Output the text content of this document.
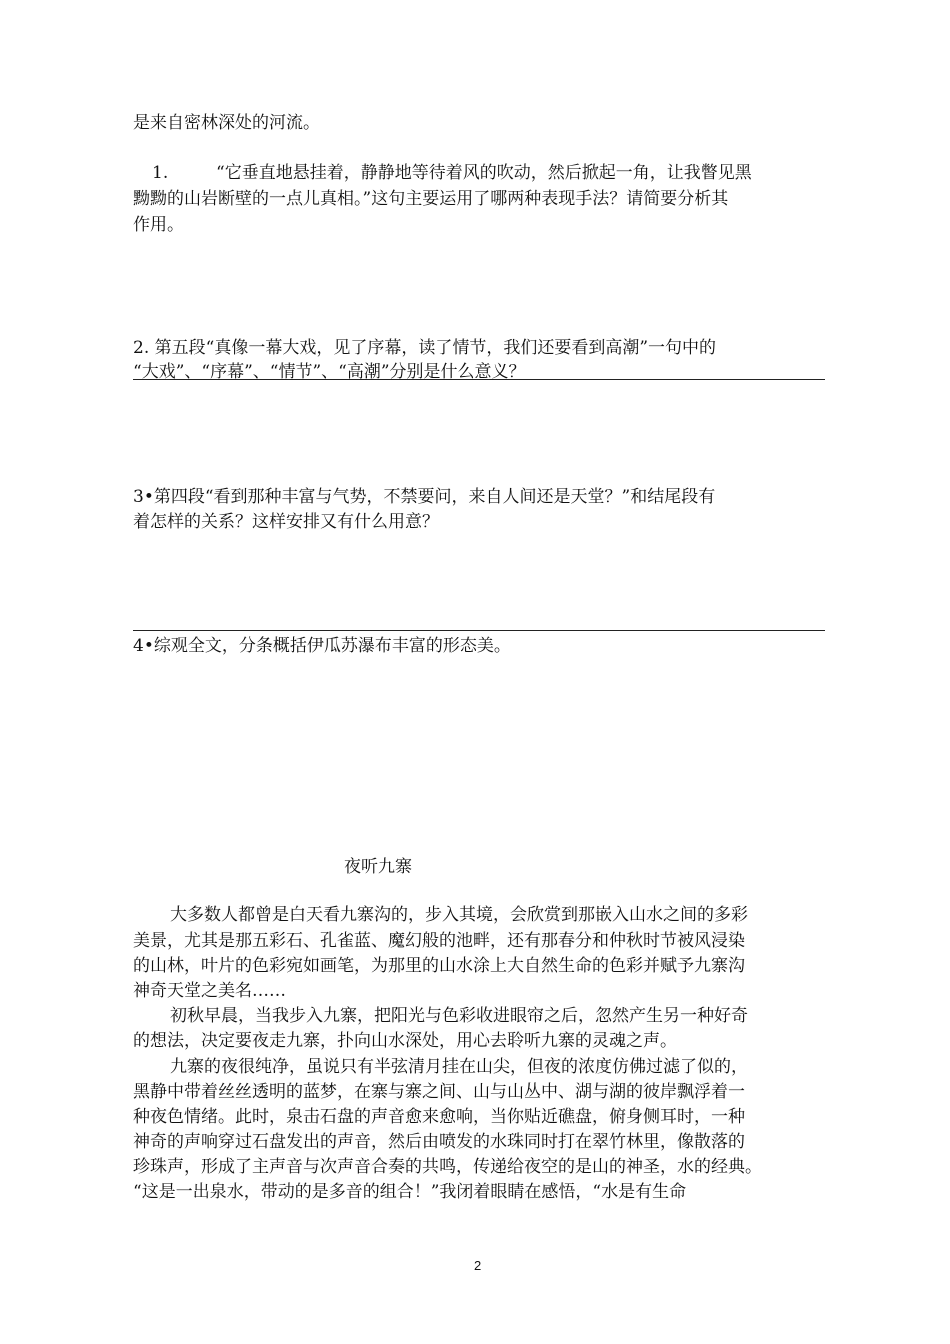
是来自密林深处的河流。
1.	“它垂直地悬挂着，静静地等待着风的吹动，然后掀起一角，让我瞥见黑
黝黝的山岩断壁的一点儿真相。”这句主要运用了哪两种表现手法？请简要分析其
作用。
2. 第五段“真像一幕大戏，见了序幕，读了情节，我们还要看到高潮”一句中的
“大戏”、“序幕”、“情节”、“高潮”分别是什么意义？
3•第四段“看到那种丰富与气势，不禁要问，来自人间还是天堂？”和结尾段有
着怎样的关系？这样安排又有什么用意？
4•综观全文，分条概括伊瓜苏瀑布丰富的形态美。
夜听九寨
大多数人都曾是白天看九寨沟的，步入其境，会欣赏到那嵌入山水之间的多彩
美景，尤其是那五彩石、孔雀蓝、魔幻般的池畔，还有那春分和仲秋时节被风浸染
的山林，叶片的色彩宛如画笔，为那里的山水涂上大自然生命的色彩并赋予九寨沟
神奇天堂之美名……
初秋早晨，当我步入九寨，把阳光与色彩收进眼帘之后，忽然产生另一种好奇
的想法，决定要夜走九寨，扑向山水深处，用心去聆听九寨的灵魂之声。
九寨的夜很纯净，虽说只有半弦清月挂在山尖，但夜的浓度仿佛过滤了似的，
黑静中带着丝丝透明的蓝梦，在寨与寨之间、山与山丛中、湖与湖的彼岸飘浮着一
种夜色情绪。此时，泉击石盘的声音愈来愈响，当你贴近礁盘，俯身侧耳时，一种
神奇的声响穿过石盘发出的声音，然后由喷发的水珠同时打在翠竹林里，像散落的
珍珠声，形成了主声音与次声音合奏的共鸣，传递给夜空的是山的神圣，水的经典。
“这是一出泉水，带动的是多音的组合！”我闭着眼睛在感悟，“水是有生命
2
